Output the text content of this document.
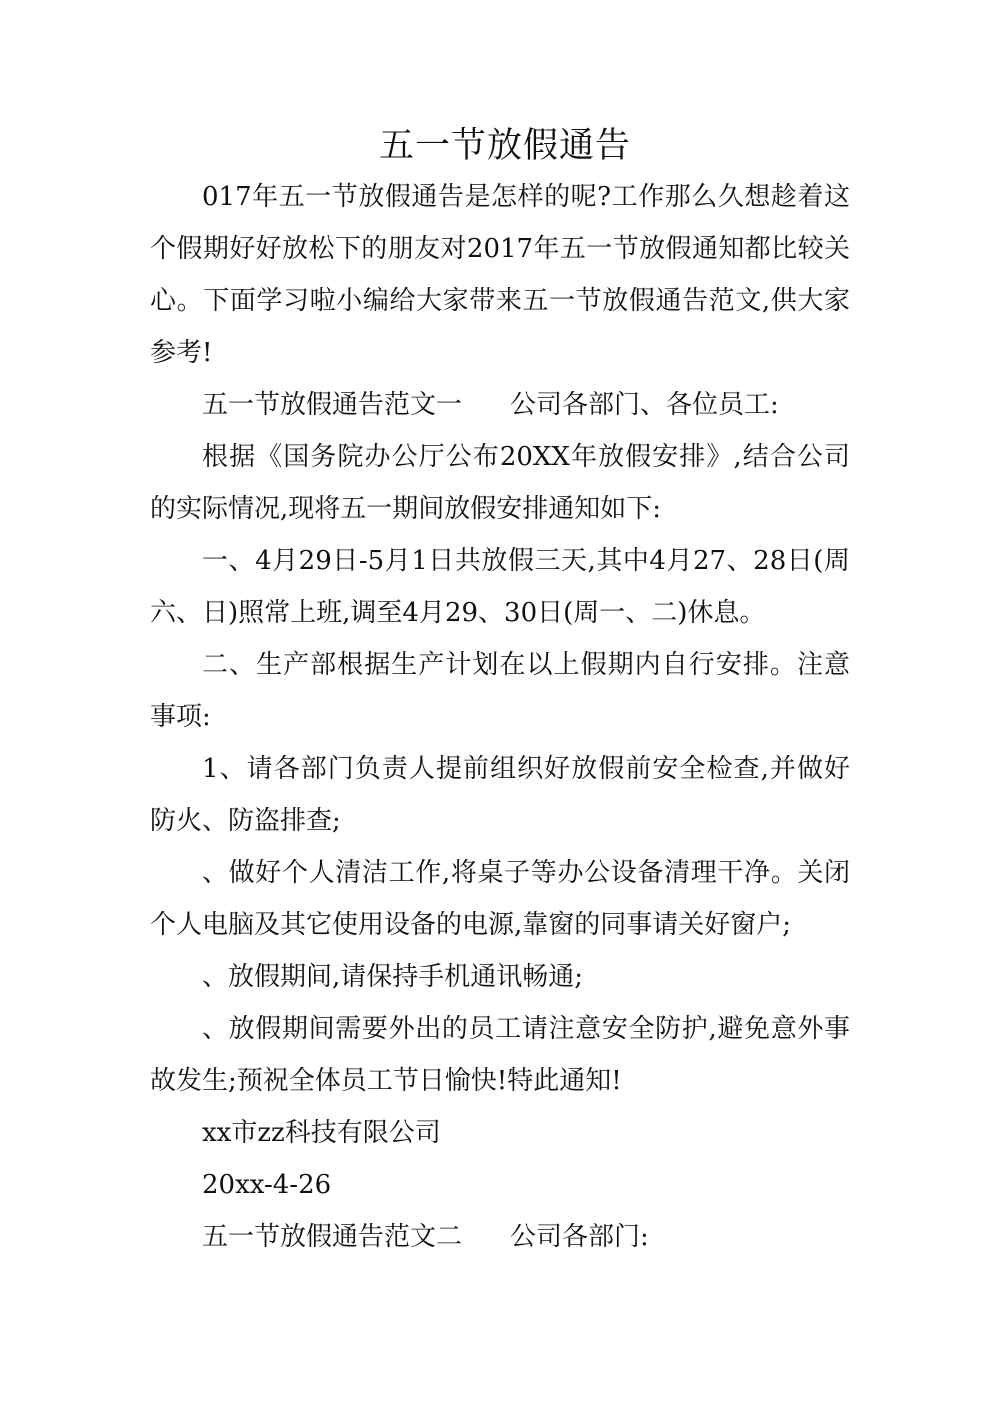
五一节放假通告

017年五一节放假通告是怎样的呢?工作那么久想趁着这个假期好好放松下的朋友对2017年五一节放假通知都比较关心。下面学习啦小编给大家带来五一节放假通告范文,供大家参考!

五一节放假通告范文一 公司各部门、各位员工:

根据《国务院办公厅公布20XX年放假安排》,结合公司的实际情况,现将五一期间放假安排通知如下:

一、4月29日-5月1日共放假三天,其中4月27、28日(周六、日)照常上班,调至4月29、30日(周一、二)休息。

二、生产部根据生产计划在以上假期内自行安排。注意事项:

1、请各部门负责人提前组织好放假前安全检查,并做好防火、防盗排查;

、做好个人清洁工作,将桌子等办公设备清理干净。关闭个人电脑及其它使用设备的电源,靠窗的同事请关好窗户;

、放假期间,请保持手机通讯畅通;

、放假期间需要外出的员工请注意安全防护,避免意外事故发生;预祝全体员工节日愉快!特此通知!

xx市zz科技有限公司

20xx-4-26

五一节放假通告范文二 公司各部门:
